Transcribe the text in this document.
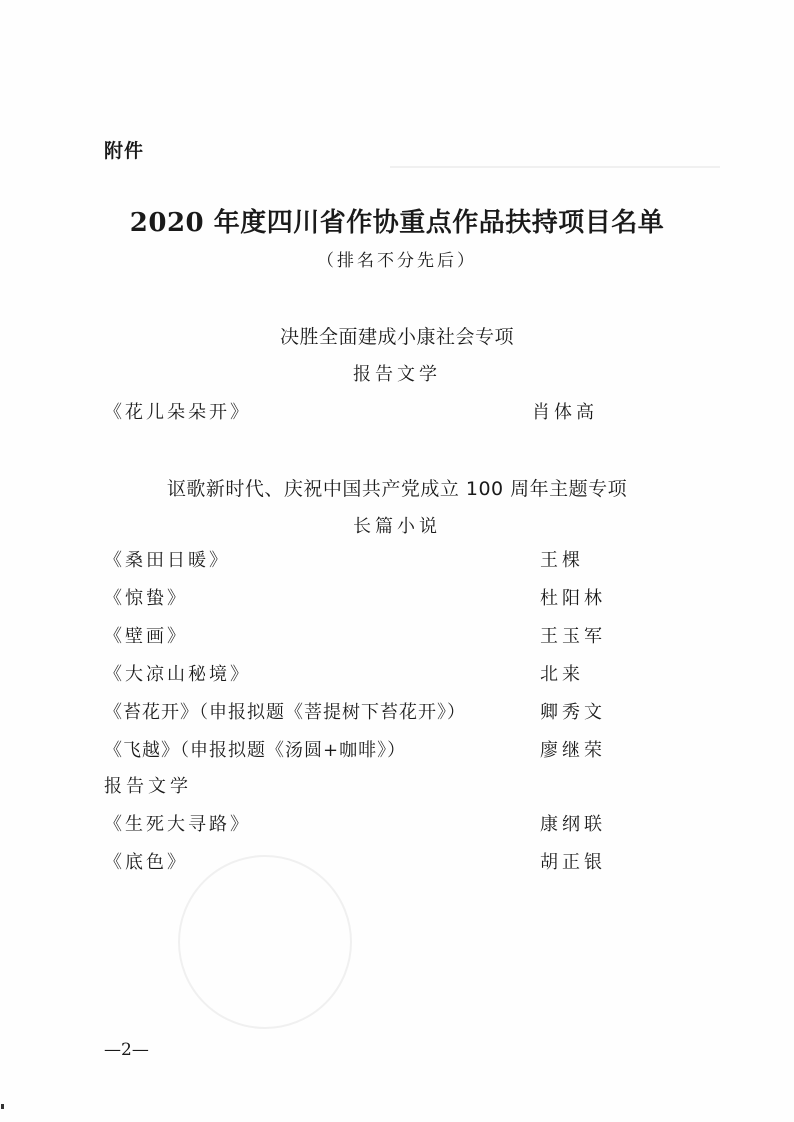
附件
2020 年度四川省作协重点作品扶持项目名单
（排名不分先后）
决胜全面建成小康社会专项
报告文学
《花儿朵朵开》	肖体高
讴歌新时代、庆祝中国共产党成立 100 周年主题专项
长篇小说
《桑田日暖》	王棵
《惊蛰》	杜阳林
《壁画》	王玉军
《大凉山秘境》	北来
《苔花开》（申报拟题《菩提树下苔花开》）	卿秀文
《飞越》（申报拟题《汤圆+咖啡》）	廖继荣
报告文学
《生死大寻路》	康纲联
《底色》	胡正银
—2—
